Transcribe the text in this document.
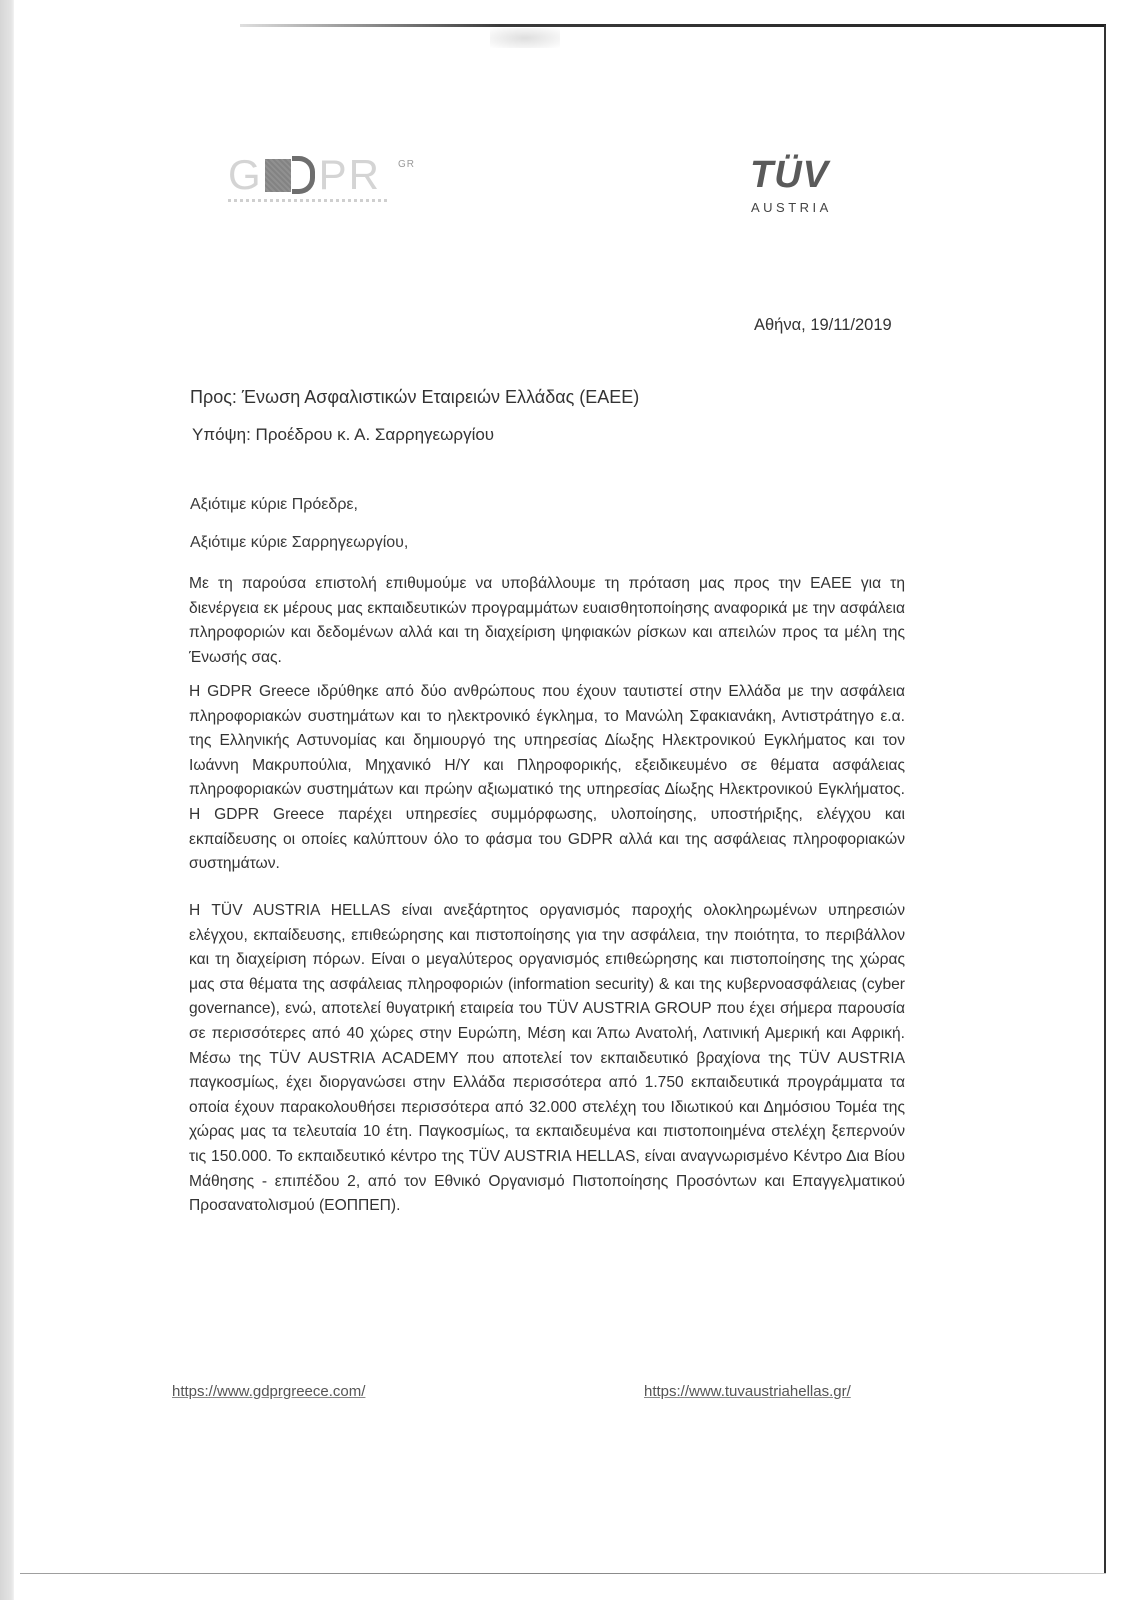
G PR GR	TÜV
AUSTRIA
Αθήνα, 19/11/2019
Προς: Ένωση Ασφαλιστικών Εταιρειών Ελλάδας (ΕΑΕΕ)
Υπόψη: Προέδρου κ. Α. Σαρρηγεωργίου
Αξιότιμε κύριε Πρόεδρε,
Αξιότιμε κύριε Σαρρηγεωργίου,

Με τη παρούσα επιστολή επιθυμούμε να υποβάλλουμε τη πρόταση μας προς την ΕΑΕΕ για τη διενέργεια εκ μέρους μας εκπαιδευτικών προγραμμάτων ευαισθητοποίησης αναφορικά με την ασφάλεια πληροφοριών και δεδομένων αλλά και τη διαχείριση ψηφιακών ρίσκων και απειλών προς τα μέλη της Ένωσής σας.

Η GDPR Greece ιδρύθηκε από δύο ανθρώπους που έχουν ταυτιστεί στην Ελλάδα με την ασφάλεια πληροφοριακών συστημάτων και το ηλεκτρονικό έγκλημα, το Μανώλη Σφακιανάκη, Αντιστράτηγο ε.α. της Ελληνικής Αστυνομίας και δημιουργό της υπηρεσίας Δίωξης Ηλεκτρονικού Εγκλήματος και τον Ιωάννη Μακρυπούλια, Μηχανικό Η/Υ και Πληροφορικής, εξειδικευμένο σε θέματα ασφάλειας πληροφοριακών συστημάτων και πρώην αξιωματικό της υπηρεσίας Δίωξης Ηλεκτρονικού Εγκλήματος. Η GDPR Greece παρέχει υπηρεσίες συμμόρφωσης, υλοποίησης, υποστήριξης, ελέγχου και εκπαίδευσης οι οποίες καλύπτουν όλο το φάσμα του GDPR αλλά και της ασφάλειας πληροφοριακών συστημάτων.

Η TÜV AUSTRIA HELLAS είναι ανεξάρτητος οργανισμός παροχής ολοκληρωμένων υπηρεσιών ελέγχου, εκπαίδευσης, επιθεώρησης και πιστοποίησης για την ασφάλεια, την ποιότητα, το περιβάλλον και τη διαχείριση πόρων. Είναι ο μεγαλύτερος οργανισμός επιθεώρησης και πιστοποίησης της χώρας μας στα θέματα της ασφάλειας πληροφοριών (information security) & και της κυβερνοασφάλειας (cyber governance), ενώ, αποτελεί θυγατρική εταιρεία του TÜV AUSTRIA GROUP που έχει σήμερα παρουσία σε περισσότερες από 40 χώρες στην Ευρώπη, Μέση και Άπω Ανατολή, Λατινική Αμερική και Αφρική. Μέσω της TÜV AUSTRIA ACADEMY που αποτελεί τον εκπαιδευτικό βραχίονα της TÜV AUSTRIA παγκοσμίως, έχει διοργανώσει στην Ελλάδα περισσότερα από 1.750 εκπαιδευτικά προγράμματα τα οποία έχουν παρακολουθήσει περισσότερα από 32.000 στελέχη του Ιδιωτικού και Δημόσιου Τομέα της χώρας μας τα τελευταία 10 έτη. Παγκοσμίως, τα εκπαιδευμένα και πιστοποιημένα στελέχη ξεπερνούν τις 150.000. Το εκπαιδευτικό κέντρο της TÜV AUSTRIA HELLAS, είναι αναγνωρισμένο Κέντρο Δια Βίου Μάθησης - επιπέδου 2, από τον Εθνικό Οργανισμό Πιστοποίησης Προσόντων και Επαγγελματικού Προσανατολισμού (ΕΟΠΠΕΠ).

https://www.gdprgreece.com/	https://www.tuvaustriahellas.gr/
